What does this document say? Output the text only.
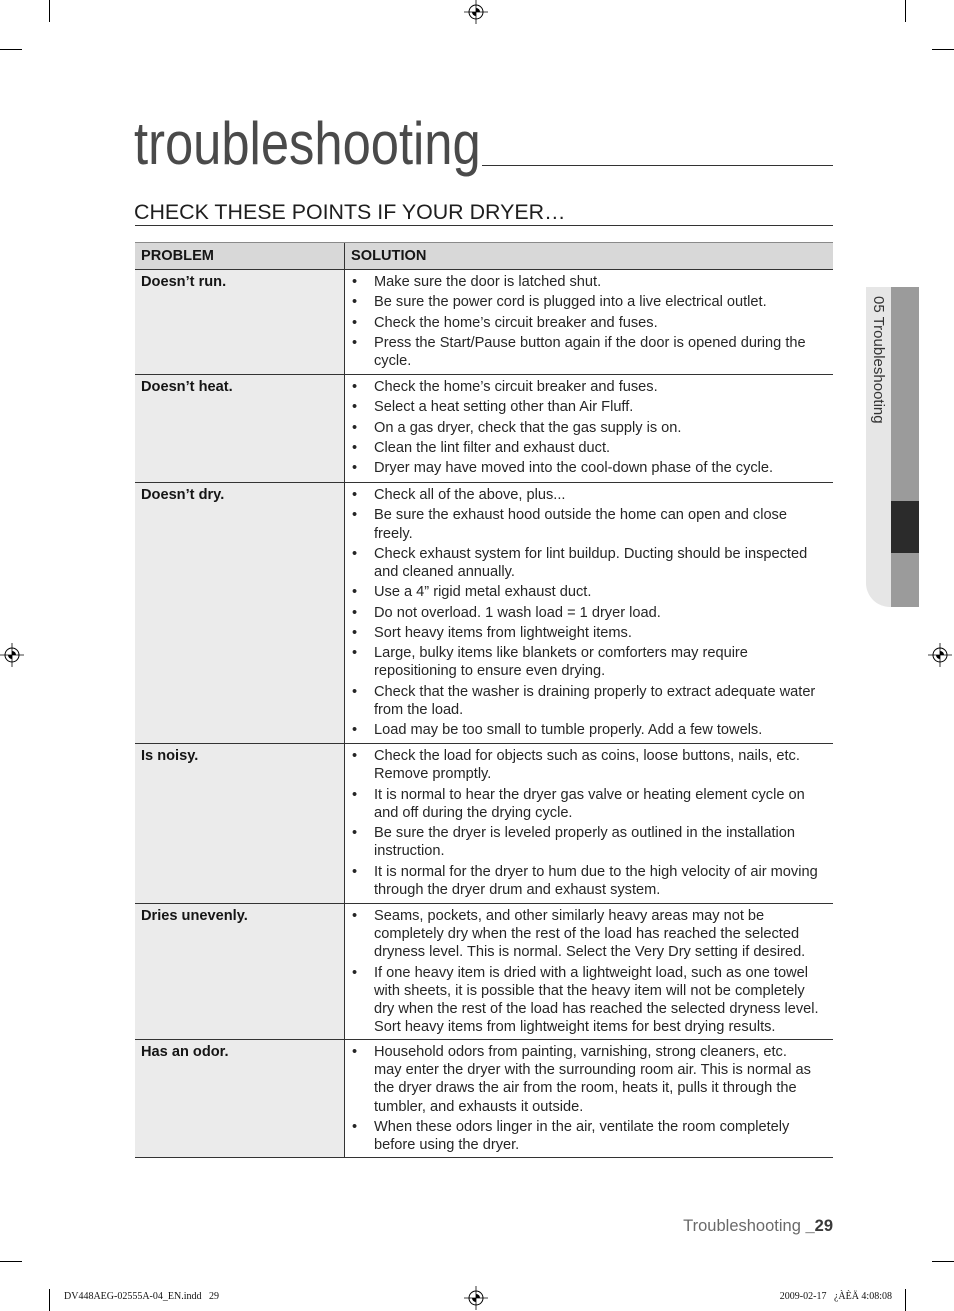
troubleshooting
CHECK THESE POINTS IF YOUR DRYER…
PROBLEM	SOLUTION
Doesn’t run.	• Make sure the door is latched shut.
• Be sure the power cord is plugged into a live electrical outlet.
• Check the home’s circuit breaker and fuses.
• Press the Start/Pause button again if the door is opened during the
cycle.
Doesn’t heat.	• Check the home’s circuit breaker and fuses.
• Select a heat setting other than Air Fluff.
• On a gas dryer, check that the gas supply is on.
• Clean the lint filter and exhaust duct.
• Dryer may have moved into the cool-down phase of the cycle.
Doesn’t dry.	• Check all of the above, plus...
• Be sure the exhaust hood outside the home can open and close
freely.
• Check exhaust system for lint buildup. Ducting should be inspected
and cleaned annually.
• Use a 4” rigid metal exhaust duct.
• Do not overload. 1 wash load = 1 dryer load.
• Sort heavy items from lightweight items.
• Large, bulky items like blankets or comforters may require
repositioning to ensure even drying.
• Check that the washer is draining properly to extract adequate water
from the load.
• Load may be too small to tumble properly. Add a few towels.
Is noisy.	• Check the load for objects such as coins, loose buttons, nails, etc.
Remove promptly.
• It is normal to hear the dryer gas valve or heating element cycle on
and off during the drying cycle.
• Be sure the dryer is leveled properly as outlined in the installation
instruction.
• It is normal for the dryer to hum due to the high velocity of air moving
through the dryer drum and exhaust system.
Dries unevenly.	• Seams, pockets, and other similarly heavy areas may not be
completely dry when the rest of the load has reached the selected
dryness level. This is normal. Select the Very Dry setting if desired.
• If one heavy item is dried with a lightweight load, such as one towel
with sheets, it is possible that the heavy item will not be completely
dry when the rest of the load has reached the selected dryness level.
Sort heavy items from lightweight items for best drying results.
Has an odor.	• Household odors from painting, varnishing, strong cleaners, etc.
may enter the dryer with the surrounding room air. This is normal as
the dryer draws the air from the room, heats it, pulls it through the
tumbler, and exhausts it outside.
• When these odors linger in the air, ventilate the room completely
before using the dryer.
05 Troubleshooting
Troubleshooting _29
DV448AEG-02555A-04_EN.indd   29	2009-02-17   ¿ÀÈÄ 4:08:08
